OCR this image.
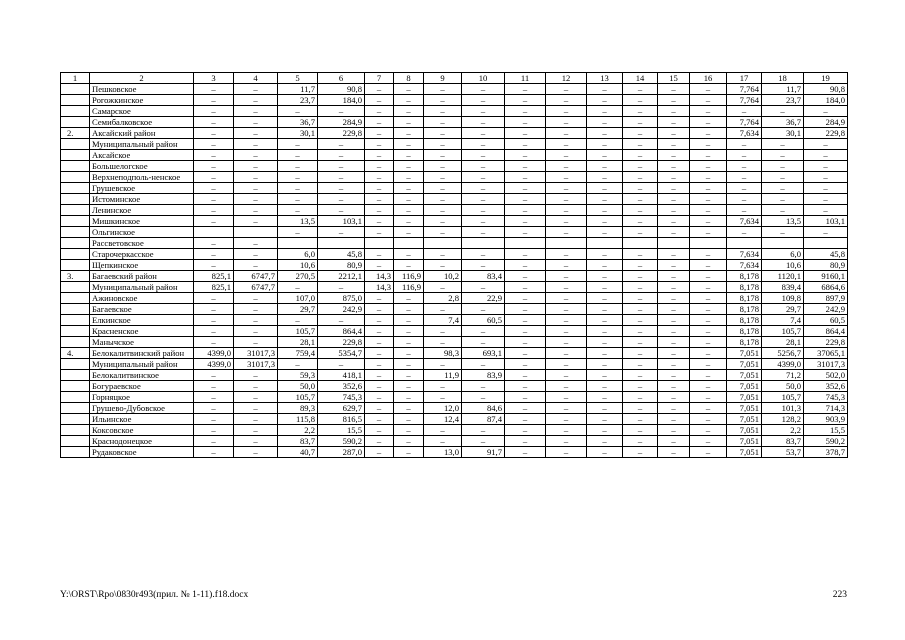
1	2	3	4	5	6	7	8	9	10	11	12	13	14	15	16	17	18	19
	Пешковское	–	–	11,7	90,8	–	–	–	–	–	–	–	–	–	–	7,764	11,7	90,8
	Рогожкинское	–	–	23,7	184,0	–	–	–	–	–	–	–	–	–	–	7,764	23,7	184,0
	Самарское	–	–	–	–	–	–	–	–	–	–	–	–	–	–	–	–	–
	Семибалковское	–	–	36,7	284,9	–	–	–	–	–	–	–	–	–	–	7,764	36,7	284,9
2.	Аксайский район	–	–	30,1	229,8	–	–	–	–	–	–	–	–	–	–	7,634	30,1	229,8
	Муниципальный район	–	–	–	–	–	–	–	–	–	–	–	–	–	–	–	–	–
	Аксайское	–	–	–	–	–	–	–	–	–	–	–	–	–	–	–	–	–
	Большелогское	–	–	–	–	–	–	–	–	–	–	–	–	–	–	–	–	–
	Верхнеподполь-ненское	–	–	–	–	–	–	–	–	–	–	–	–	–	–	–	–	–
	Грушевское	–	–	–	–	–	–	–	–	–	–	–	–	–	–	–	–	–
	Истоминское	–	–	–	–	–	–	–	–	–	–	–	–	–	–	–	–	–
	Ленинское	–	–	–	–	–	–	–	–	–	–	–	–	–	–	–	–	–
	Мишкинское	–	–	13,5	103,1	–	–	–	–	–	–	–	–	–	–	7,634	13,5	103,1
	Ольгинское			–	–	–	–	–	–	–	–	–	–	–	–	–	–	–
	Рассветовское	–	–															
	Старочеркасское	–	–	6,0	45,8	–	–	–	–	–	–	–	–	–	–	7,634	6,0	45,8
	Щепкинское	–	–	10,6	80,9	–	–	–	–	–	–	–	–	–	–	7,634	10,6	80,9
3.	Багаевский район	825,1	6747,7	270,5	2212,1	14,3	116,9	10,2	83,4	–	–	–	–	–	–	8,178	1120,1	9160,1
	Муниципальный район	825,1	6747,7	–	–	14,3	116,9	–	–	–	–	–	–	–	–	8,178	839,4	6864,6
	Ажиновское	–	–	107,0	875,0	–	–	2,8	22,9	–	–	–	–	–	–	8,178	109,8	897,9
	Багаевское	–	–	29,7	242,9	–	–	–	–	–	–	–	–	–	–	8,178	29,7	242,9
	Елкинское	–	–	–	–	–	–	7,4	60,5	–	–	–	–	–	–	8,178	7,4	60,5
	Красненское	–	–	105,7	864,4	–	–	–	–	–	–	–	–	–	–	8,178	105,7	864,4
	Манычское	–	–	28,1	229,8	–	–	–	–	–	–	–	–	–	–	8,178	28,1	229,8
4.	Белокалитвинский район	4399,0	31017,3	759,4	5354,7	–	–	98,3	693,1	–	–	–	–	–	–	7,051	5256,7	37065,1
	Муниципальный район	4399,0	31017,3	–	–	–	–	–	–	–	–	–	–	–	–	7,051	4399,0	31017,3
	Белокалитвинское	–	–	59,3	418,1	–	–	11,9	83,9	–	–	–	–	–	–	7,051	71,2	502,0
	Богураевское	–	–	50,0	352,6	–	–	–	–	–	–	–	–	–	–	7,051	50,0	352,6
	Горняцкое	–	–	105,7	745,3	–	–	–	–	–	–	–	–	–	–	7,051	105,7	745,3
	Грушево-Дубовское	–	–	89,3	629,7	–	–	12,0	84,6	–	–	–	–	–	–	7,051	101,3	714,3
	Ильинское	–	–	115,8	816,5	–	–	12,4	87,4	–	–	–	–	–	–	7,051	128,2	903,9
	Коксовское	–	–	2,2	15,5	–	–	–	–	–	–	–	–	–	–	7,051	2,2	15,5
	Краснодонецкое	–	–	83,7	590,2	–	–	–	–	–	–	–	–	–	–	7,051	83,7	590,2
	Рудаковское	–	–	40,7	287,0	–	–	13,0	91,7	–	–	–	–	–	–	7,051	53,7	378,7
Y:\ORST\Rpo\0830r493(прил. № 1-11).f18.docx	223
